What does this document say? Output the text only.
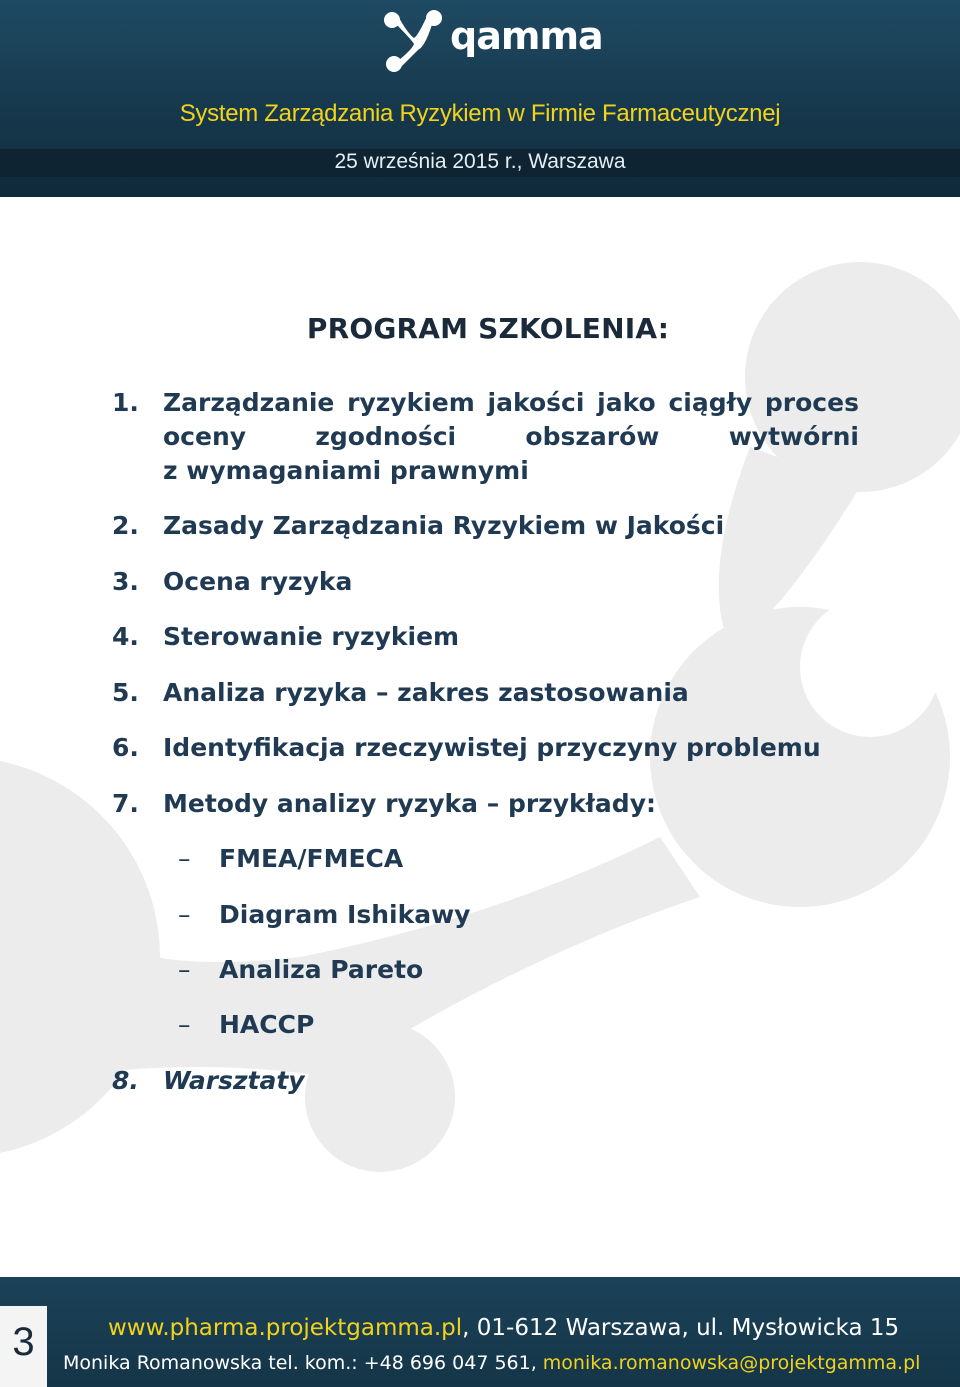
qamma
System Zarządzania Ryzykiem w Firmie Farmaceutycznej
25 września 2015 r., Warszawa
PROGRAM SZKOLENIA:
1. Zarządzanie ryzykiem jakości jako ciągły proces
oceny	zgodności	obszarów	wytwórni
z wymaganiami prawnymi
2. Zasady Zarządzania Ryzykiem w Jakości
3. Ocena ryzyka
4. Sterowanie ryzykiem
5. Analiza ryzyka – zakres zastosowania
6. Identyfikacja rzeczywistej przyczyny problemu
7. Metody analizy ryzyka – przykłady:
– FMEA/FMECA
– Diagram Ishikawy
– Analiza Pareto
– HACCP
8. Warsztaty
3	www.pharma.projektgamma.pl, 01-612 Warszawa, ul. Mysłowicka 15
Monika Romanowska tel. kom.: +48 696 047 561, monika.romanowska@projektgamma.pl
